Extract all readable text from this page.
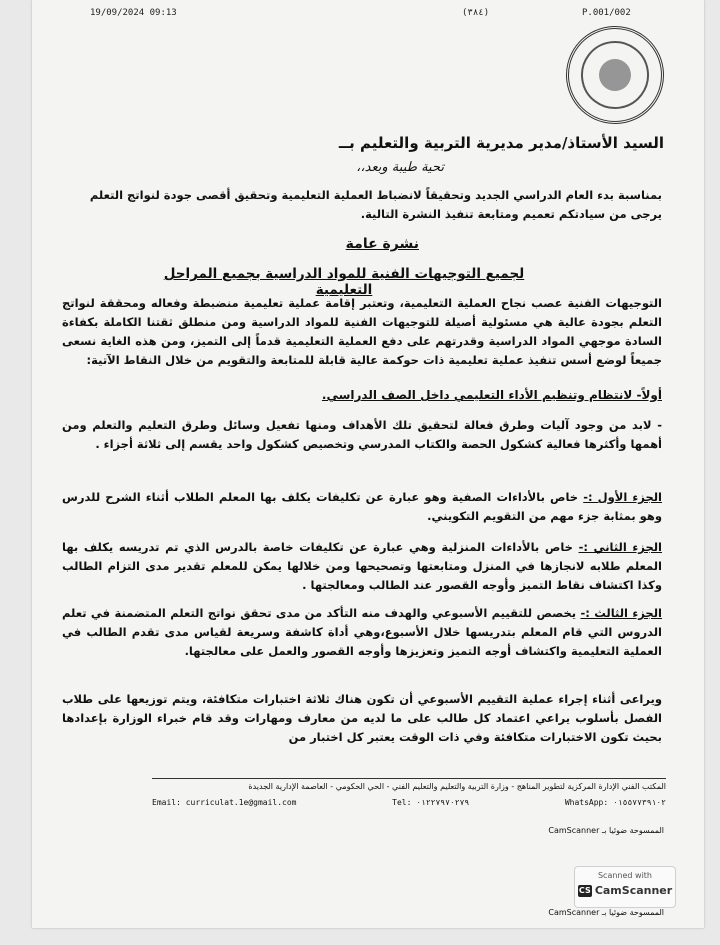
19/09/2024 09:13	(٣٨٤)	P.001/002
السيد الأستاذ/مدير مديرية التربية والتعليم بــ
تحية طيبة وبعد،،
بمناسبة بدء العام الدراسي الجديد وتحقيقاً لانضباط العملية التعليمية وتحقيق أقصى جودة لنواتج التعلم يرجى من سيادتكم تعميم ومتابعة تنفيذ النشرة التالية.
نشرة عامة
لجميع التوجيهات الفنية للمواد الدراسية بجميع المراحل التعليمية
التوجيهات الفنية عصب نجاح العملية التعليمية، وتعتبر إقامة عملية تعليمية منضبطة وفعاله ومحققة لنواتج التعلم بجودة عالية هي مسئولية أصيلة للتوجيهات الفنية للمواد الدراسية ومن منطلق ثقتنا الكاملة بكفاءة السادة موجهي المواد الدراسية وقدرتهم على دفع العملية التعليمية قدماً إلى التميز، ومن هذه الغاية نسعى جميعاً لوضع أسس تنفيذ عملية تعليمية ذات حوكمة عالية قابلة للمتابعة والتقويم من خلال النقاط الآتية:
أولاً- لانتظام وتنظيم الأداء التعليمي داخل الصف الدراسي.
- لابد من وجود آليات وطرق فعالة لتحقيق تلك الأهداف ومنها تفعيل وسائل وطرق التعليم والتعلم ومن أهمها وأكثرها فعالية كشكول الحصة والكتاب المدرسي وتخصيص كشكول واحد يقسم إلى ثلاثة أجزاء .
الجزء الأول :- خاص بالأداءات الصفية وهو عبارة عن تكليفات يكلف بها المعلم الطلاب أثناء الشرح للدرس وهو بمثابة جزء مهم من التقويم التكويني.
الجزء الثاني :- خاص بالأداءات المنزلية وهي عبارة عن تكليفات خاصة بالدرس الذي تم تدريسه يكلف بها المعلم طلابه لانجازها في المنزل ومتابعتها وتصحيحها ومن خلالها يمكن للمعلم تقدير مدى التزام الطالب وكذا اكتشاف نقاط التميز وأوجه القصور عند الطالب ومعالجتها .
الجزء الثالث :- يخصص للتقييم الأسبوعي والهدف منه التأكد من مدى تحقق نواتج التعلم المتضمنة في تعلم الدروس التي قام المعلم بتدريسها خلال الأسبوع،وهي أداة كاشفة وسريعة لقياس مدى تقدم الطالب في العملية التعليمية واكتشاف أوجه التميز وتعزيزها وأوجه القصور والعمل على معالجتها.
ويراعى أثناء إجراء عملية التقييم الأسبوعي أن تكون هناك ثلاثة اختبارات متكافئة، ويتم توزيعها على طلاب الفصل بأسلوب يراعي اعتماد كل طالب على ما لديه من معارف ومهارات وقد قام خبراء الوزارة بإعدادها بحيث تكون الاختبارات متكافئة وفي ذات الوقت يعتبر كل اختبار من
المكتب الفني الإدارة المركزية لتطوير المناهج - وزارة التربية والتعليم والتعليم الفني - الحي الحكومي - العاصمة الإدارية الجديدة
Email: curriculat.1e@gmail.com	Tel: ٠١٢٢٧٩٧٠٢٧٩	WhatsApp: ٠١٥٥٧٧٣٩١٠٢
الممسوحة ضوئيا بـ CamScanner
الممسوحة ضوئيا بـ CamScanner
Scanned with
CS CamScanner
